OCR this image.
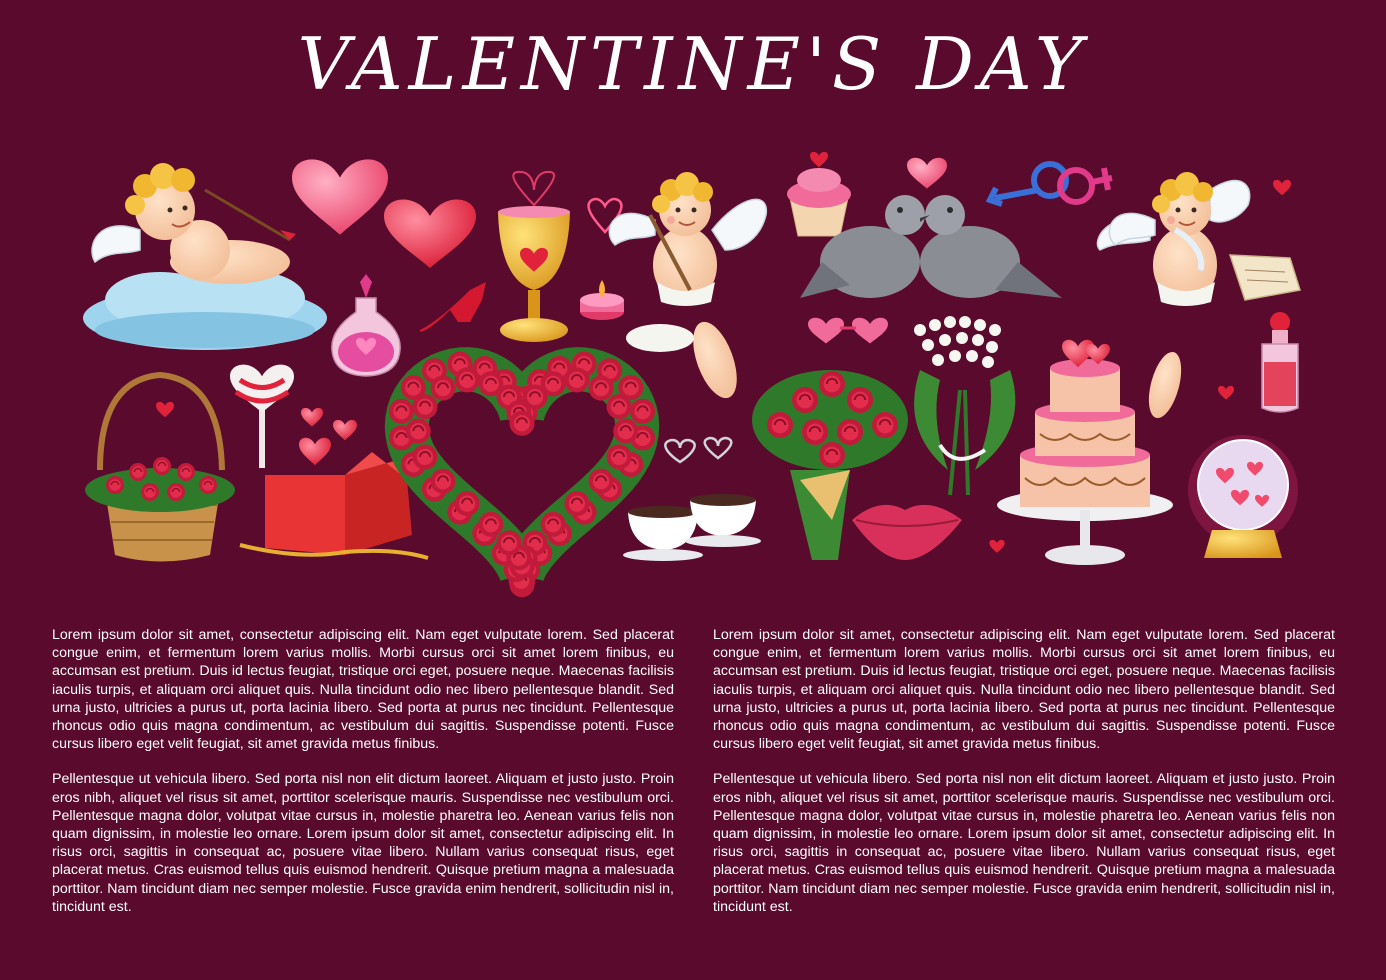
VALENTINE'S DAY

Lorem ipsum dolor sit amet, consectetur adipiscing elit. Nam eget vulputate lorem. Sed placerat congue enim, et fermentum lorem varius mollis. Morbi cursus orci sit amet lorem finibus, eu accumsan est pretium. Duis id lectus feugiat, tristique orci eget, posuere neque. Maecenas facilisis iaculis turpis, et aliquam orci aliquet quis. Nulla tincidunt odio nec libero pellentesque blandit. Sed urna justo, ultricies a purus ut, porta lacinia libero. Sed porta at purus nec tincidunt. Pellentesque rhoncus odio quis magna condimentum, ac vestibulum dui sagittis. Suspendisse potenti. Fusce cursus libero eget velit feugiat, sit amet gravida metus finibus.

Pellentesque ut vehicula libero. Sed porta nisl non elit dictum laoreet. Aliquam et justo justo. Proin eros nibh, aliquet vel risus sit amet, porttitor scelerisque mauris. Suspendisse nec vestibulum orci. Pellentesque magna dolor, volutpat vitae cursus in, molestie pharetra leo. Aenean varius felis non quam dignissim, in molestie leo ornare. Lorem ipsum dolor sit amet, consectetur adipiscing elit. In risus orci, sagittis in consequat ac, posuere vitae libero. Nullam varius consequat risus, eget placerat metus. Cras euismod tellus quis euismod hendrerit. Quisque pretium magna a malesuada porttitor. Nam tincidunt diam nec semper molestie. Fusce gravida enim hendrerit, sollicitudin nisl in, tincidunt est.

Lorem ipsum dolor sit amet, consectetur adipiscing elit. Nam eget vulputate lorem. Sed placerat congue enim, et fermentum lorem varius mollis. Morbi cursus orci sit amet lorem finibus, eu accumsan est pretium. Duis id lectus feugiat, tristique orci eget, posuere neque. Maecenas facilisis iaculis turpis, et aliquam orci aliquet quis. Nulla tincidunt odio nec libero pellentesque blandit. Sed urna justo, ultricies a purus ut, porta lacinia libero. Sed porta at purus nec tincidunt. Pellentesque rhoncus odio quis magna condimentum, ac vestibulum dui sagittis. Suspendisse potenti. Fusce cursus libero eget velit feugiat, sit amet gravida metus finibus.

Pellentesque ut vehicula libero. Sed porta nisl non elit dictum laoreet. Aliquam et justo justo. Proin eros nibh, aliquet vel risus sit amet, porttitor scelerisque mauris. Suspendisse nec vestibulum orci. Pellentesque magna dolor, volutpat vitae cursus in, molestie pharetra leo. Aenean varius felis non quam dignissim, in molestie leo ornare. Lorem ipsum dolor sit amet, consectetur adipiscing elit. In risus orci, sagittis in consequat ac, posuere vitae libero. Nullam varius consequat risus, eget placerat metus. Cras euismod tellus quis euismod hendrerit. Quisque pretium magna a malesuada porttitor. Nam tincidunt diam nec semper molestie. Fusce gravida enim hendrerit, sollicitudin nisl in, tincidunt est.
